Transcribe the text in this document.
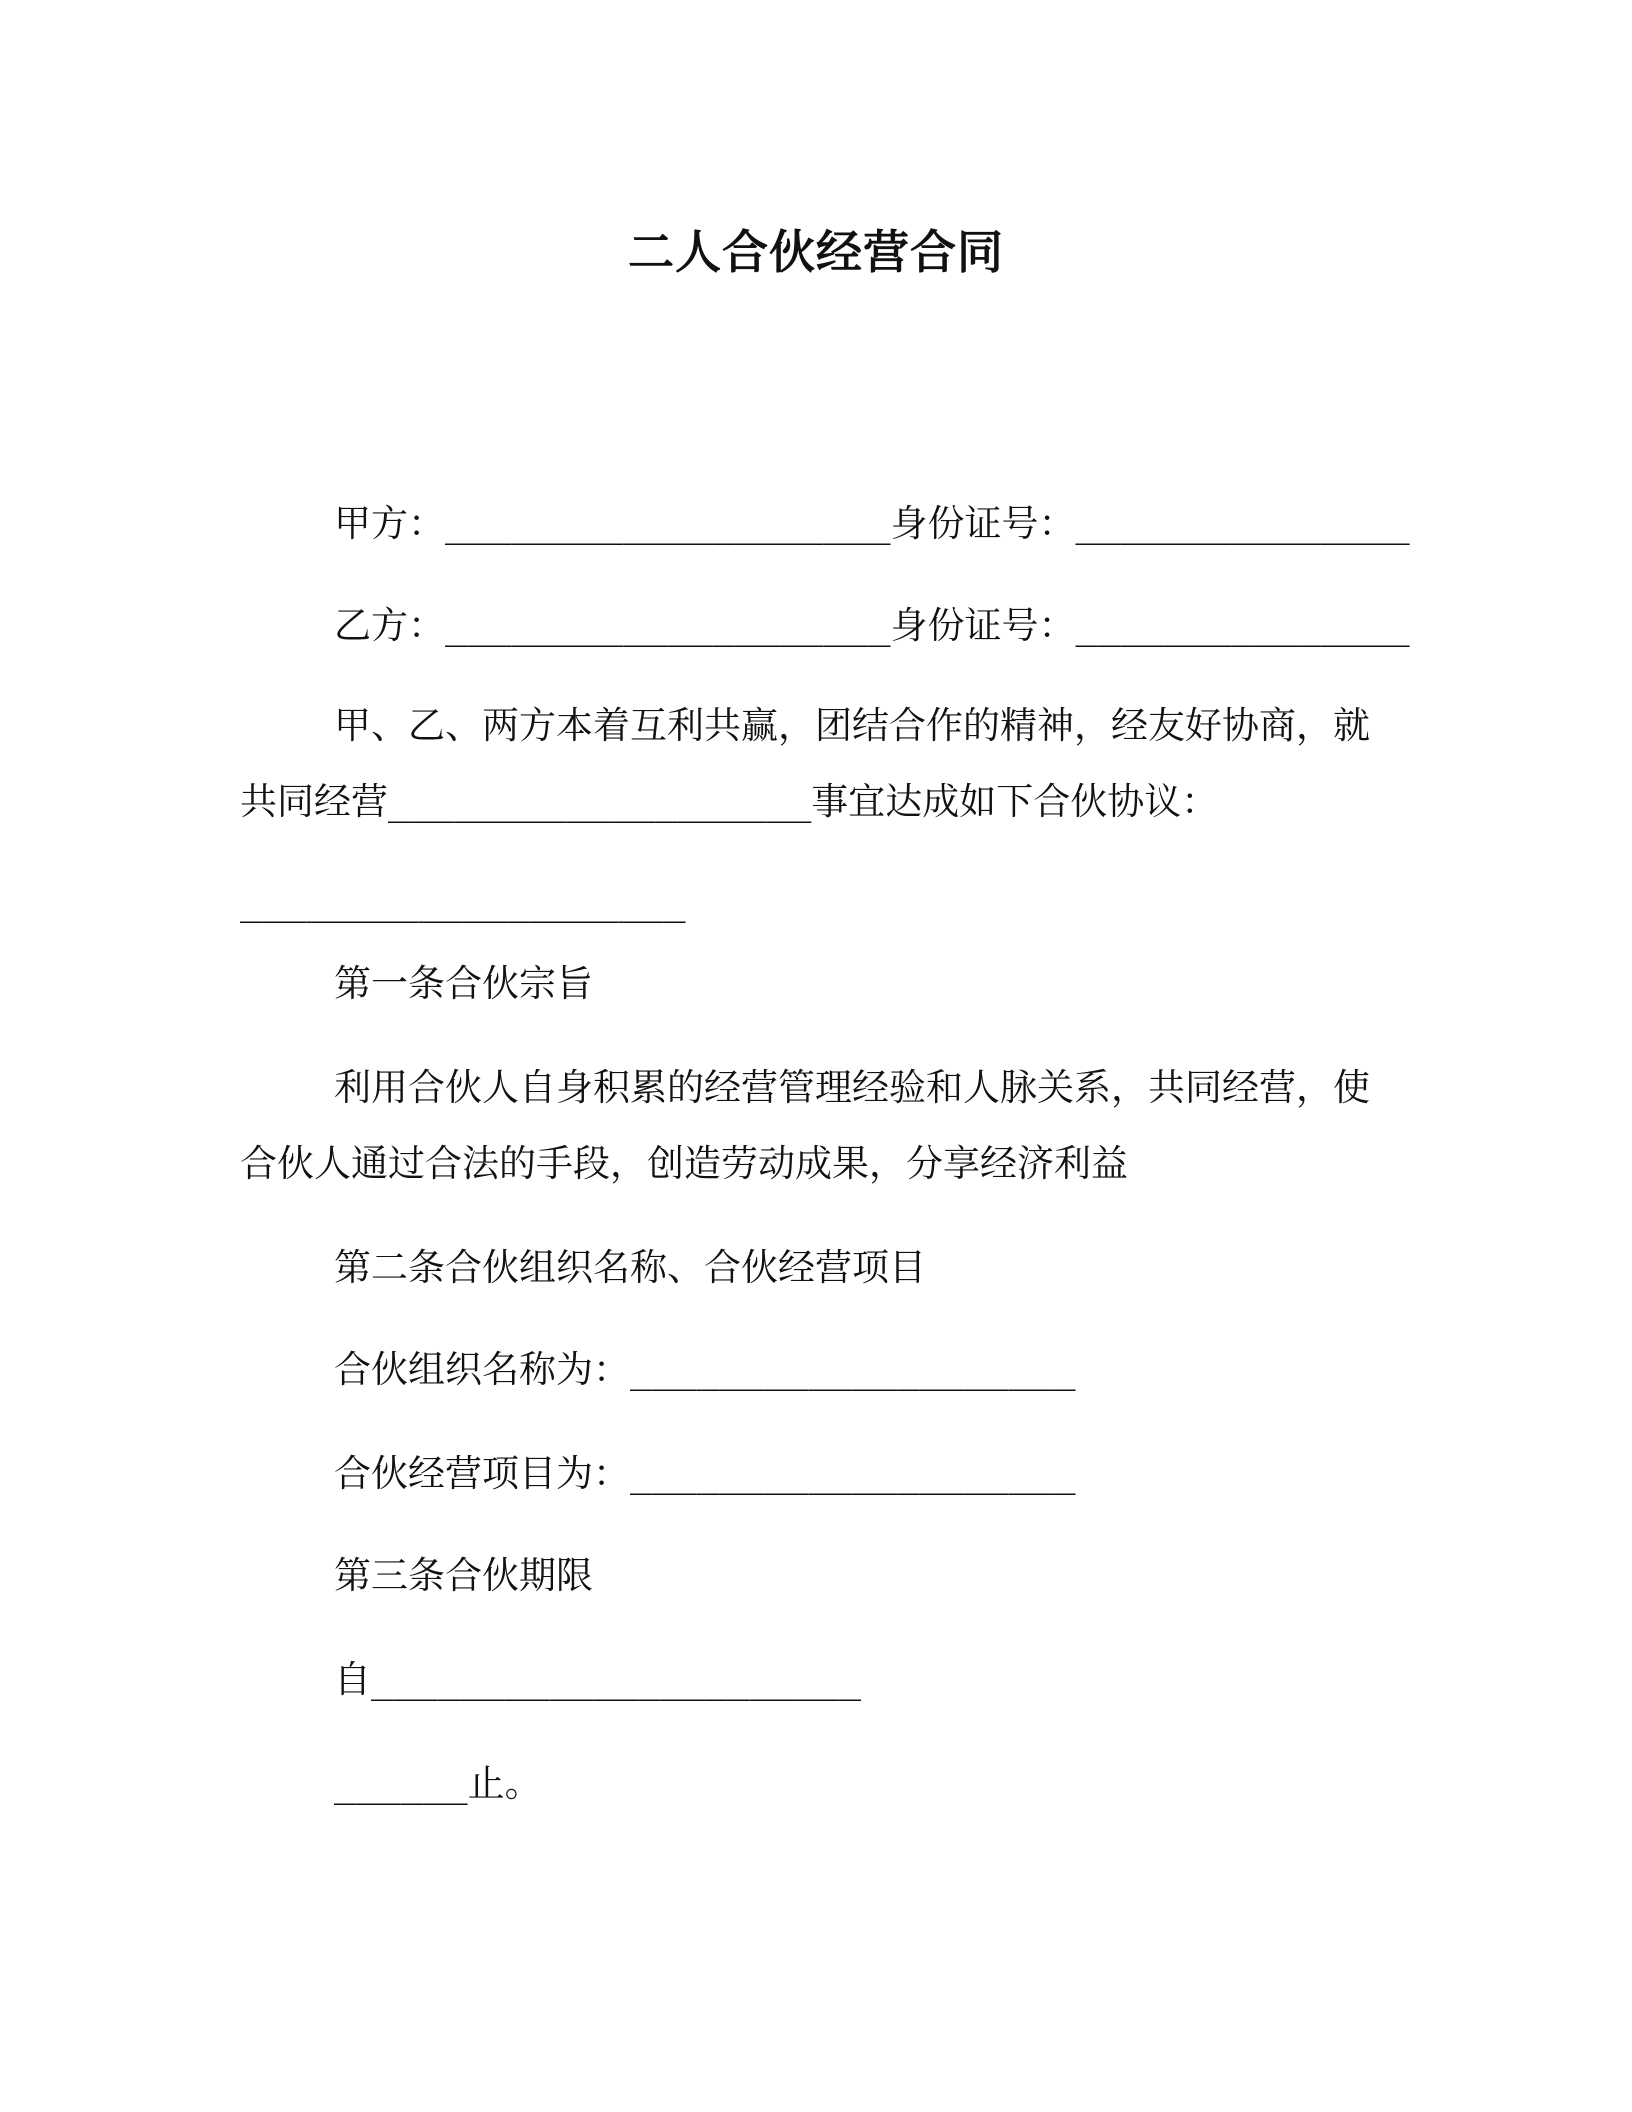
二人合伙经营合同
甲方：____________________身份证号：_______________
乙方：____________________身份证号：_______________
甲、乙、两方本着互利共赢，团结合作的精神，经友好协商，就
共同经营___________________事宜达成如下合伙协议：
____________________
第一条合伙宗旨
利用合伙人自身积累的经营管理经验和人脉关系，共同经营，使
合伙人通过合法的手段，创造劳动成果，分享经济利益
第二条合伙组织名称、合伙经营项目
合伙组织名称为：____________________
合伙经营项目为：____________________
第三条合伙期限
自______________________
______止。
